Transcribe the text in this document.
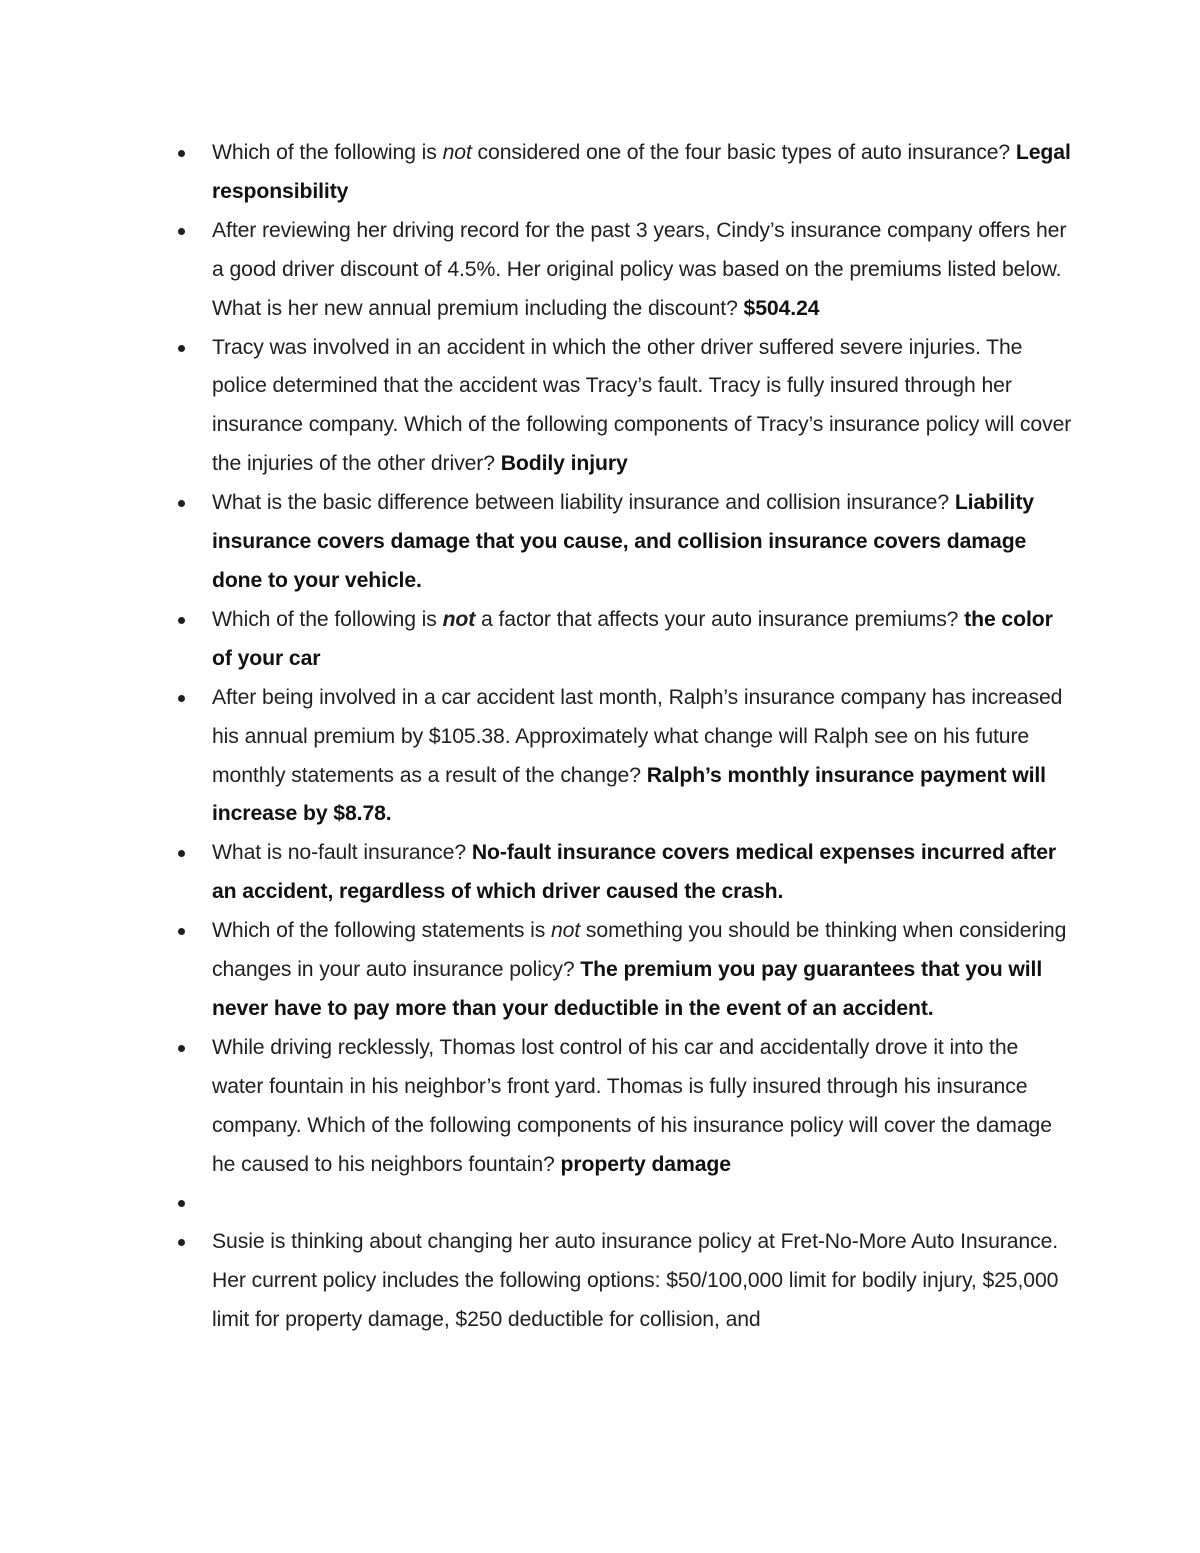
Which of the following is not considered one of the four basic types of auto insurance? Legal responsibility
After reviewing her driving record for the past 3 years, Cindy’s insurance company offers her a good driver discount of 4.5%. Her original policy was based on the premiums listed below. What is her new annual premium including the discount? $504.24
Tracy was involved in an accident in which the other driver suffered severe injuries. The police determined that the accident was Tracy’s fault. Tracy is fully insured through her insurance company. Which of the following components of Tracy’s insurance policy will cover the injuries of the other driver? Bodily injury
What is the basic difference between liability insurance and collision insurance? Liability insurance covers damage that you cause, and collision insurance covers damage done to your vehicle.
Which of the following is not a factor that affects your auto insurance premiums? the color of your car
After being involved in a car accident last month, Ralph’s insurance company has increased his annual premium by $105.38. Approximately what change will Ralph see on his future monthly statements as a result of the change? Ralph’s monthly insurance payment will increase by $8.78.
What is no-fault insurance? No-fault insurance covers medical expenses incurred after an accident, regardless of which driver caused the crash.
Which of the following statements is not something you should be thinking when considering changes in your auto insurance policy? The premium you pay guarantees that you will never have to pay more than your deductible in the event of an accident.
While driving recklessly, Thomas lost control of his car and accidentally drove it into the water fountain in his neighbor’s front yard. Thomas is fully insured through his insurance company. Which of the following components of his insurance policy will cover the damage he caused to his neighbors fountain? property damage
Susie is thinking about changing her auto insurance policy at Fret-No-More Auto Insurance. Her current policy includes the following options: $50/100,000 limit for bodily injury, $25,000 limit for property damage, $250 deductible for collision, and
